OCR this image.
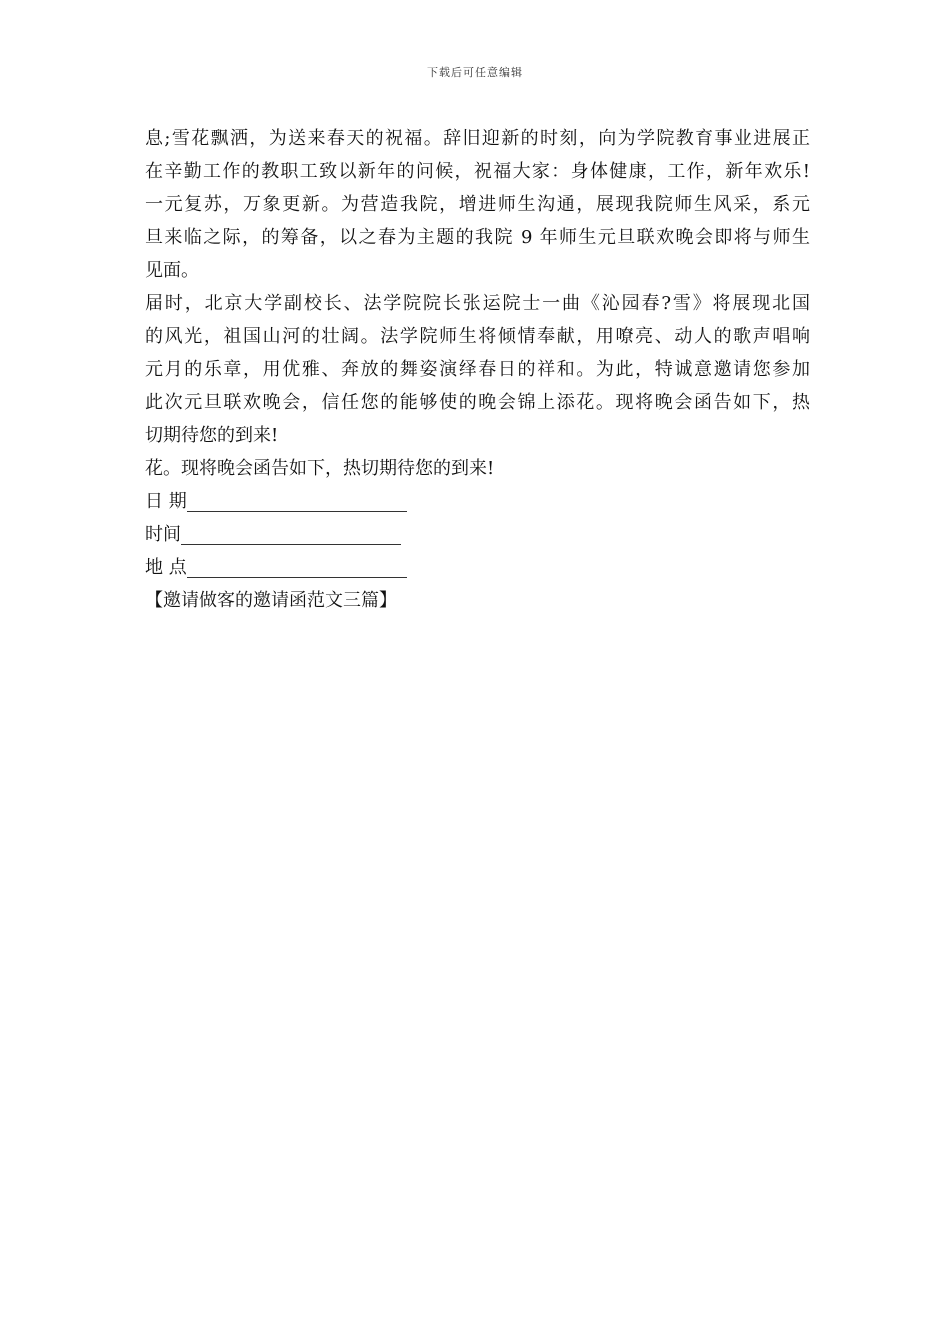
下载后可任意编辑
息;雪花飘洒，为送来春天的祝福。辞旧迎新的时刻，向为学院教育事业进展正
在辛勤工作的教职工致以新年的问候，祝福大家：身体健康，工作，新年欢乐!
一元复苏，万象更新。为营造我院，增进师生沟通，展现我院师生风采，系元
旦来临之际，的筹备，以之春为主题的我院 9 年师生元旦联欢晚会即将与师生
见面。
届时，北京大学副校长、法学院院长张运院士一曲《沁园春?雪》将展现北国
的风光，祖国山河的壮阔。法学院师生将倾情奉献，用嘹亮、动人的歌声唱响
元月的乐章，用优雅、奔放的舞姿演绎春日的祥和。为此，特诚意邀请您参加
此次元旦联欢晚会，信任您的能够使的晚会锦上添花。现将晚会函告如下，热
切期待您的到来!
花。现将晚会函告如下，热切期待您的到来!
日 期
时间
地 点
【邀请做客的邀请函范文三篇】
